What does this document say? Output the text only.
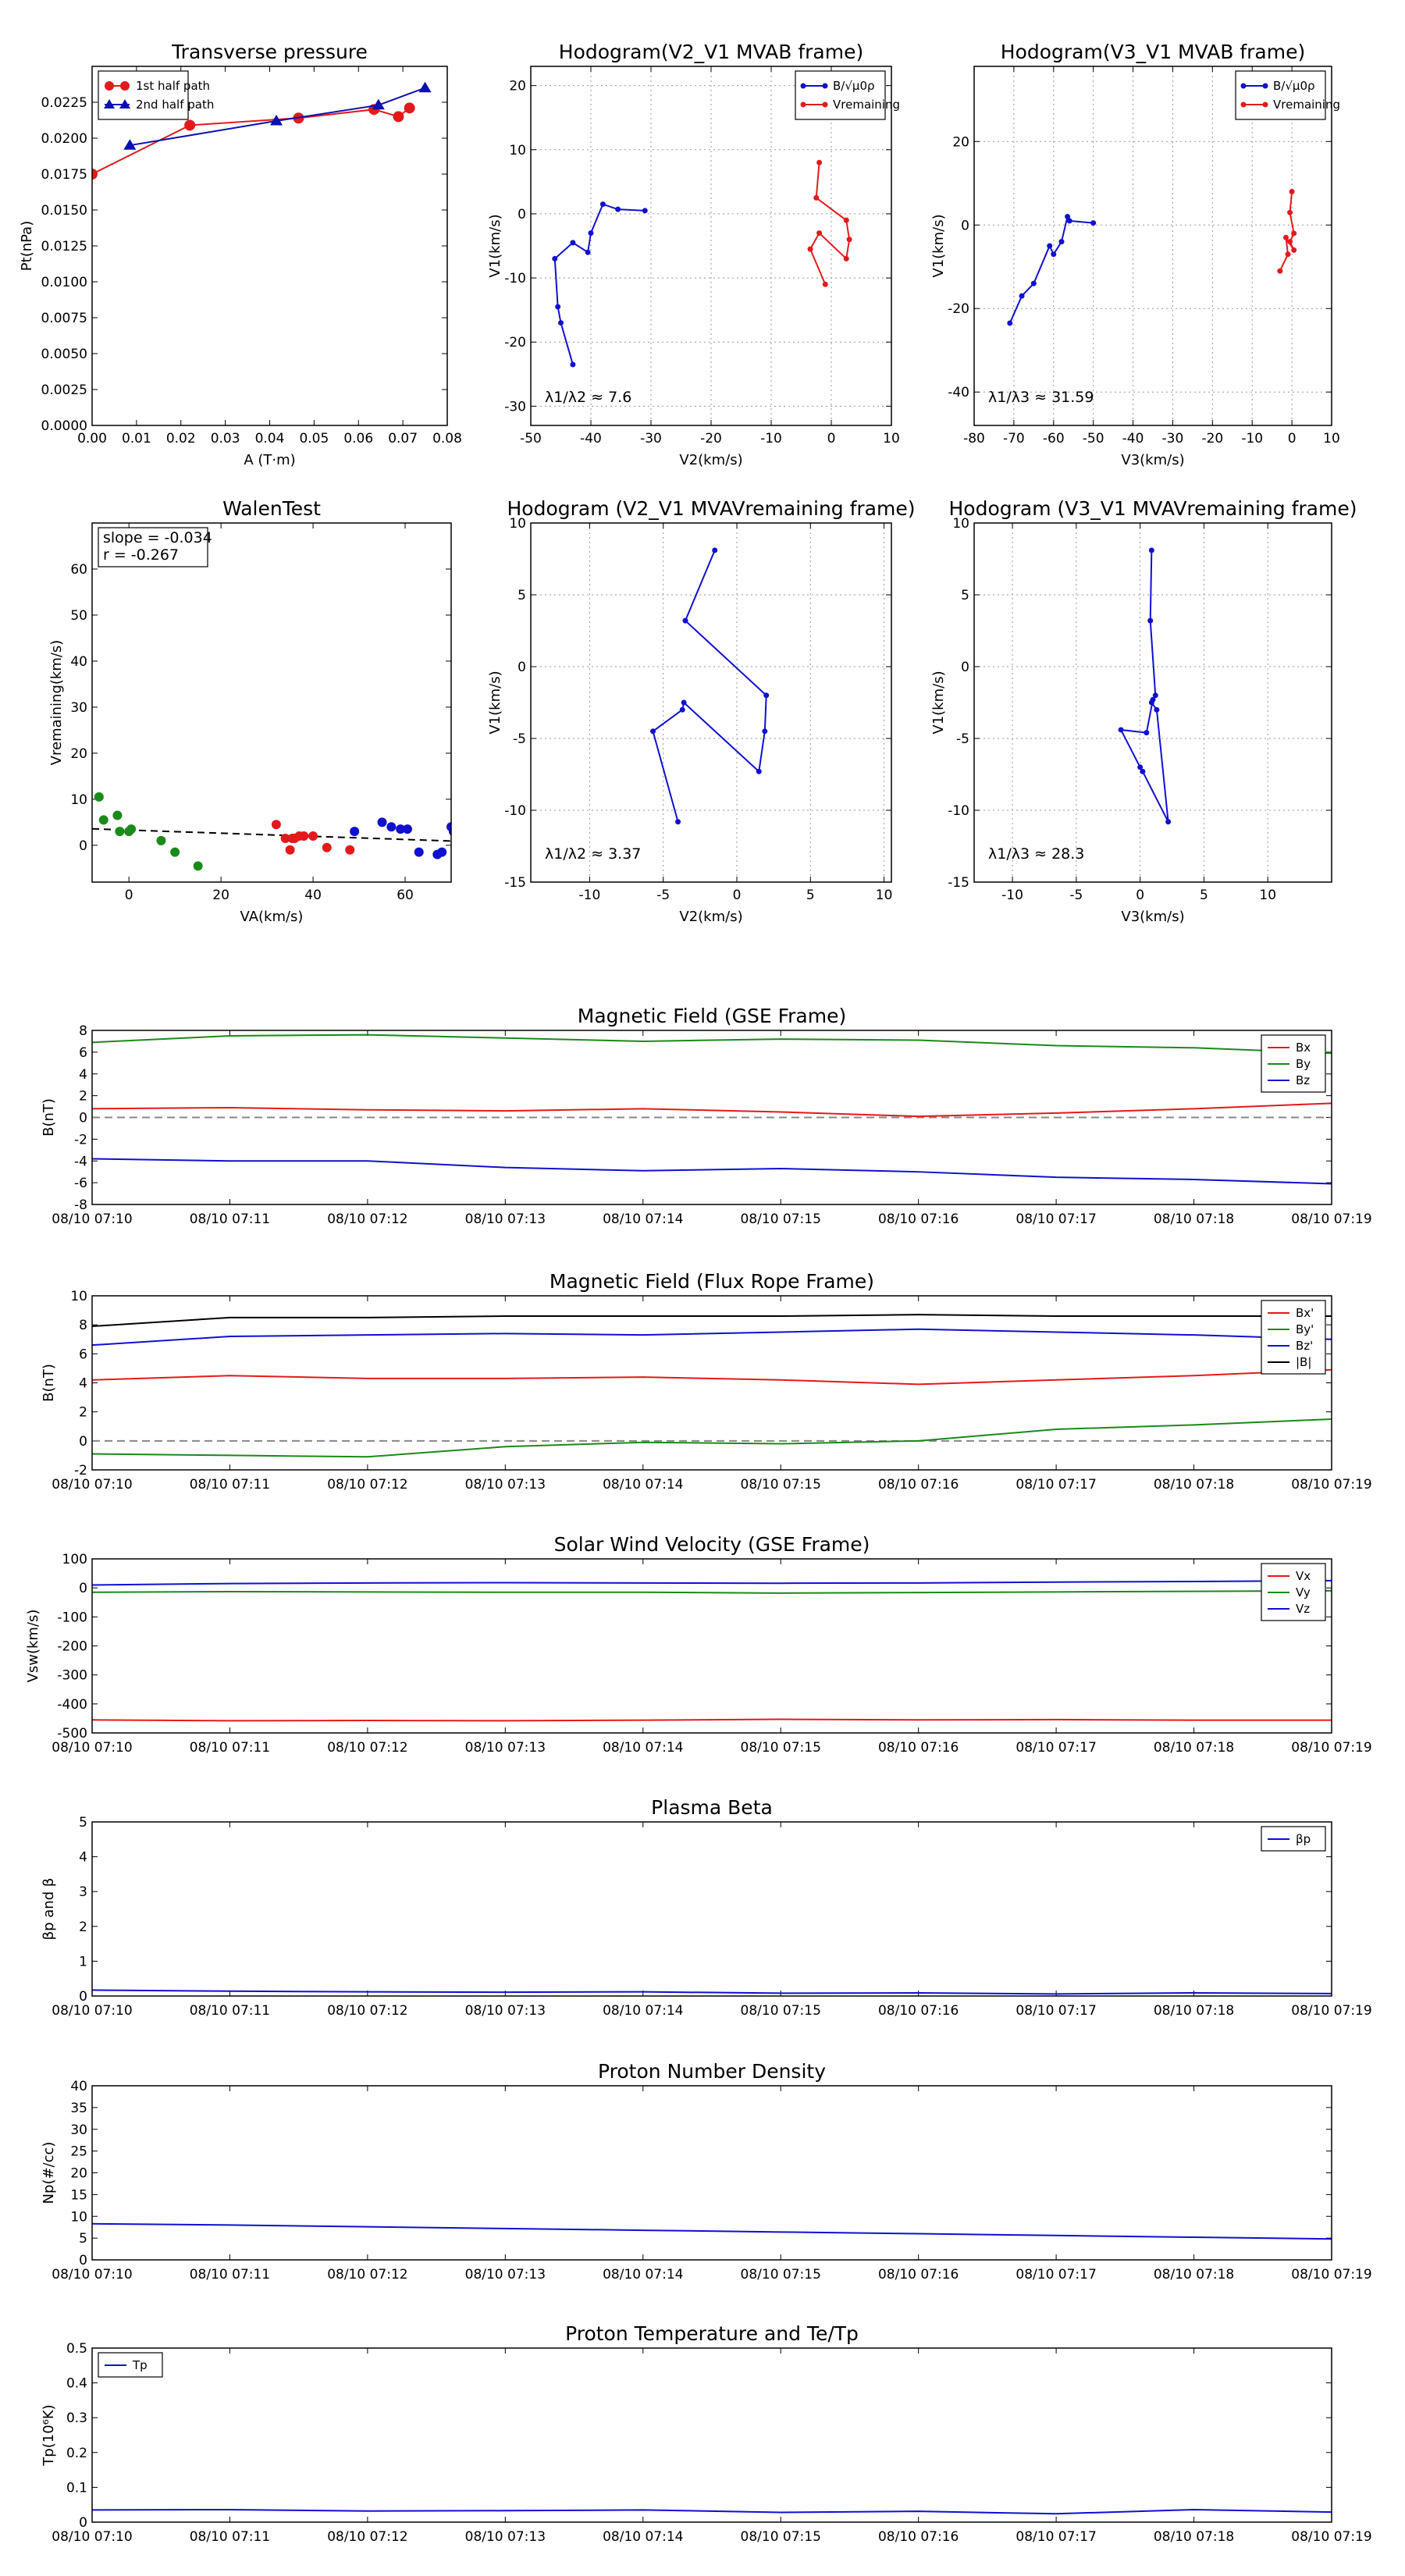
0.00 0.01 0.02 0.03 0.04 0.05 0.06 0.07 0.08
0.0000
0.0025
0.0050
0.0075
0.0100
0.0125
0.0150
0.0175
0.0200
0.0225
A (T·m)
Pt(nPa)
Transverse pressure
1st half path
2nd half path
-50	-40	-30	-20	-10	0	10
-30
-20
-10
0
10
20
V2(km/s)
V1(km/s)
Hodogram(V2_V1 MVAB frame)
λ1/λ2 ≈ 7.6
B/√μ0ρ
Vremaining
-80 -70 -60 -50 -40 -30 -20 -10 0 10
-40
-20
0
20
V3(km/s)
V1(km/s)
Hodogram(V3_V1 MVAB frame)
λ1/λ3 ≈ 31.59
B/√μ0ρ
Vremaining
0	20	40	60
0
10
20
30
40
50
60
VA(km/s)
Vremaining(km/s)
WalenTest
slope = -0.034
r = -0.267
-10	-5	0	5	10
-15
-10
-5
0
5
10
V2(km/s)
V1(km/s)
Hodogram (V2_V1 MVAVremaining frame)
λ1/λ2 ≈ 3.37
-10	-5	0	5	10
-15
-10
-5
0
5
10
V3(km/s)
V1(km/s)
Hodogram (V3_V1 MVAVremaining frame)
λ1/λ3 ≈ 28.3
08/10 07:10	08/10 07:11	08/10 07:12	08/10 07:13	08/10 07:14	08/10 07:15	08/10 07:16	08/10 07:17	08/10 07:18	08/10 07:19
-8
-6
-4
-2
0
2
4
6
8
B(nT)
Magnetic Field (GSE Frame)
Bx
By
Bz
08/10 07:10	08/10 07:11	08/10 07:12	08/10 07:13	08/10 07:14	08/10 07:15	08/10 07:16	08/10 07:17	08/10 07:18	08/10 07:19
-2
0
2
4
6
8
10
B(nT)
Magnetic Field (Flux Rope Frame)
Bx'
By'
Bz'
|B|
08/10 07:10	08/10 07:11	08/10 07:12	08/10 07:13	08/10 07:14	08/10 07:15	08/10 07:16	08/10 07:17	08/10 07:18	08/10 07:19
-500
-400
-300
-200
-100
0
100
Vsw(km/s)
Solar Wind Velocity (GSE Frame)
Vx
Vy
Vz
08/10 07:10	08/10 07:11	08/10 07:12	08/10 07:13	08/10 07:14	08/10 07:15	08/10 07:16	08/10 07:17	08/10 07:18	08/10 07:19
0
1
2
3
4
5
βp and β
Plasma Beta
βp
08/10 07:10	08/10 07:11	08/10 07:12	08/10 07:13	08/10 07:14	08/10 07:15	08/10 07:16	08/10 07:17	08/10 07:18	08/10 07:19
0
5
10
15
20
25
30
35
40
Np(#/cc)
Proton Number Density
08/10 07:10	08/10 07:11	08/10 07:12	08/10 07:13	08/10 07:14	08/10 07:15	08/10 07:16	08/10 07:17	08/10 07:18	08/10 07:19
0
0.1
0.2
0.3
0.4
0.5
Tp(10⁶K)
Proton Temperature and Te/Tp
Tp
